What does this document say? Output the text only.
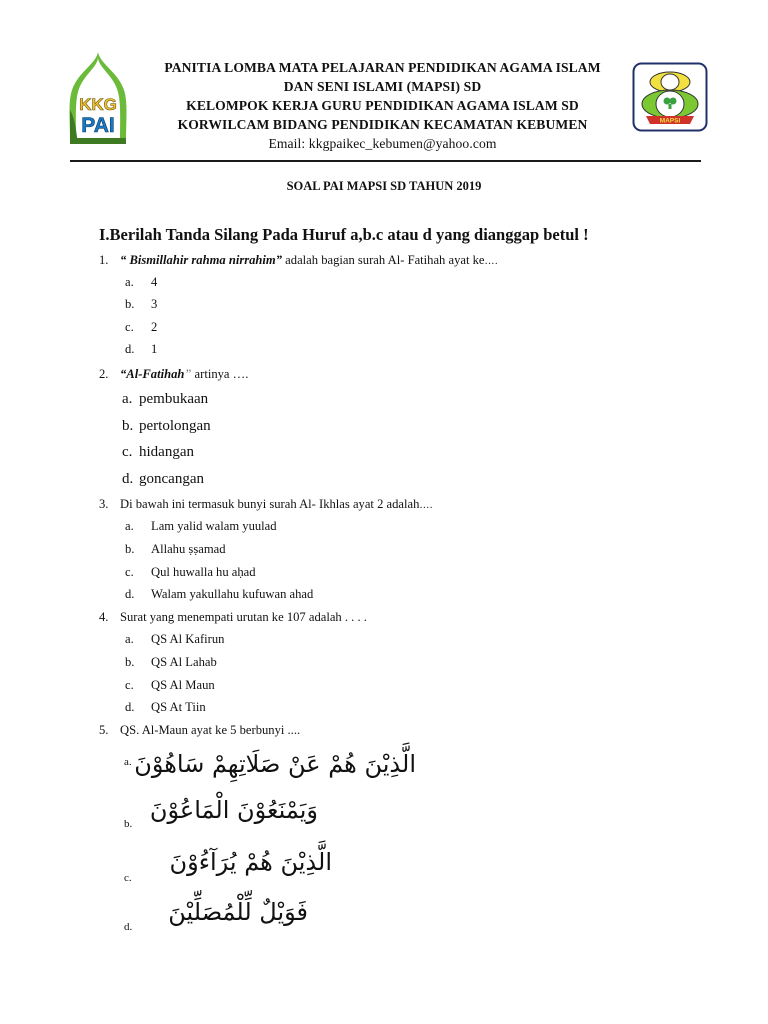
KKG
PAI
PANITIA LOMBA MATA PELAJARAN PENDIDIKAN AGAMA ISLAM
DAN SENI ISLAMI (MAPSI) SD
KELOMPOK KERJA GURU PENDIDIKAN AGAMA ISLAM SD
KORWILCAM BIDANG PENDIDIKAN KECAMATAN KEBUMEN
Email: kkgpaikec_kebumen@yahoo.com
MAPSI
SOAL PAI MAPSI SD TAHUN 2019
I.Berilah Tanda Silang Pada Huruf a,b.c atau d yang dianggap betul !
1. “ Bismillahir rahma nirrahim” adalah bagian surah Al- Fatihah ayat ke….
a. 4
b. 3
c. 2
d. 1
2. “Al-Fatihah” artinya ….
a. pembukaan
b. pertolongan
c. hidangan
d. goncangan
3. Di bawah ini termasuk bunyi surah Al- Ikhlas ayat 2 adalah….
a. Lam yalid walam yuulad
b. Allahu ṣṣamad
c. Qul huwalla hu aḥad
d. Walam yakullahu kufuwan ahad
4. Surat yang menempati urutan ke 107 adalah . . . .
a. QS Al Kafirun
b. QS Al Lahab
c. QS Al Maun
d. QS At Tiin
5. QS. Al-Maun ayat ke 5 berbunyi ....
a. الَّذِيْنَ هُمْ عَنْ صَلَاتِهِمْ سَاهُوْنَ
b. وَيَمْنَعُوْنَ الْمَاعُوْنَ
c.
الَّذِيْنَ هُمْ يُرَآءُوْنَ
d.
فَوَيْلٌ لِّلْمُصَلِّيْنَ
